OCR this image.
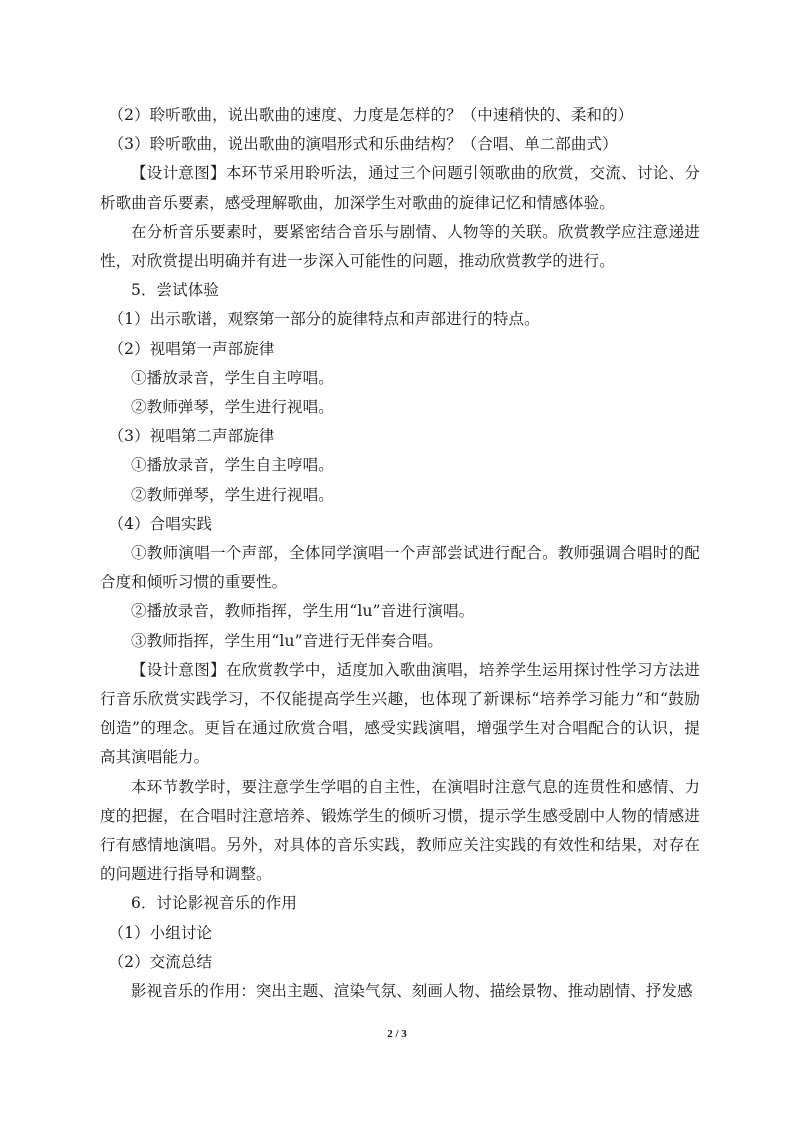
（2）聆听歌曲，说出歌曲的速度、力度是怎样的？（中速稍快的、柔和的）

（3）聆听歌曲，说出歌曲的演唱形式和乐曲结构？（合唱、单二部曲式）

【设计意图】本环节采用聆听法，通过三个问题引领歌曲的欣赏，交流、讨论、分析歌曲音乐要素，感受理解歌曲，加深学生对歌曲的旋律记忆和情感体验。

在分析音乐要素时，要紧密结合音乐与剧情、人物等的关联。欣赏教学应注意递进性，对欣赏提出明确并有进一步深入可能性的问题，推动欣赏教学的进行。

5．尝试体验

（1）出示歌谱，观察第一部分的旋律特点和声部进行的特点。

（2）视唱第一声部旋律

①播放录音，学生自主哼唱。

②教师弹琴，学生进行视唱。

（3）视唱第二声部旋律

①播放录音，学生自主哼唱。

②教师弹琴，学生进行视唱。

（4）合唱实践

①教师演唱一个声部，全体同学演唱一个声部尝试进行配合。教师强调合唱时的配合度和倾听习惯的重要性。

②播放录音，教师指挥，学生用“lu”音进行演唱。

③教师指挥，学生用“lu”音进行无伴奏合唱。

【设计意图】在欣赏教学中，适度加入歌曲演唱，培养学生运用探讨性学习方法进行音乐欣赏实践学习，不仅能提高学生兴趣，也体现了新课标“培养学习能力”和“鼓励创造”的理念。更旨在通过欣赏合唱，感受实践演唱，增强学生对合唱配合的认识，提高其演唱能力。

本环节教学时，要注意学生学唱的自主性，在演唱时注意气息的连贯性和感情、力度的把握，在合唱时注意培养、锻炼学生的倾听习惯，提示学生感受剧中人物的情感进行有感情地演唱。另外，对具体的音乐实践，教师应关注实践的有效性和结果，对存在的问题进行指导和调整。

6．讨论影视音乐的作用

（1）小组讨论

（2）交流总结

影视音乐的作用：突出主题、渲染气氛、刻画人物、描绘景物、推动剧情、抒发感

2 / 3
